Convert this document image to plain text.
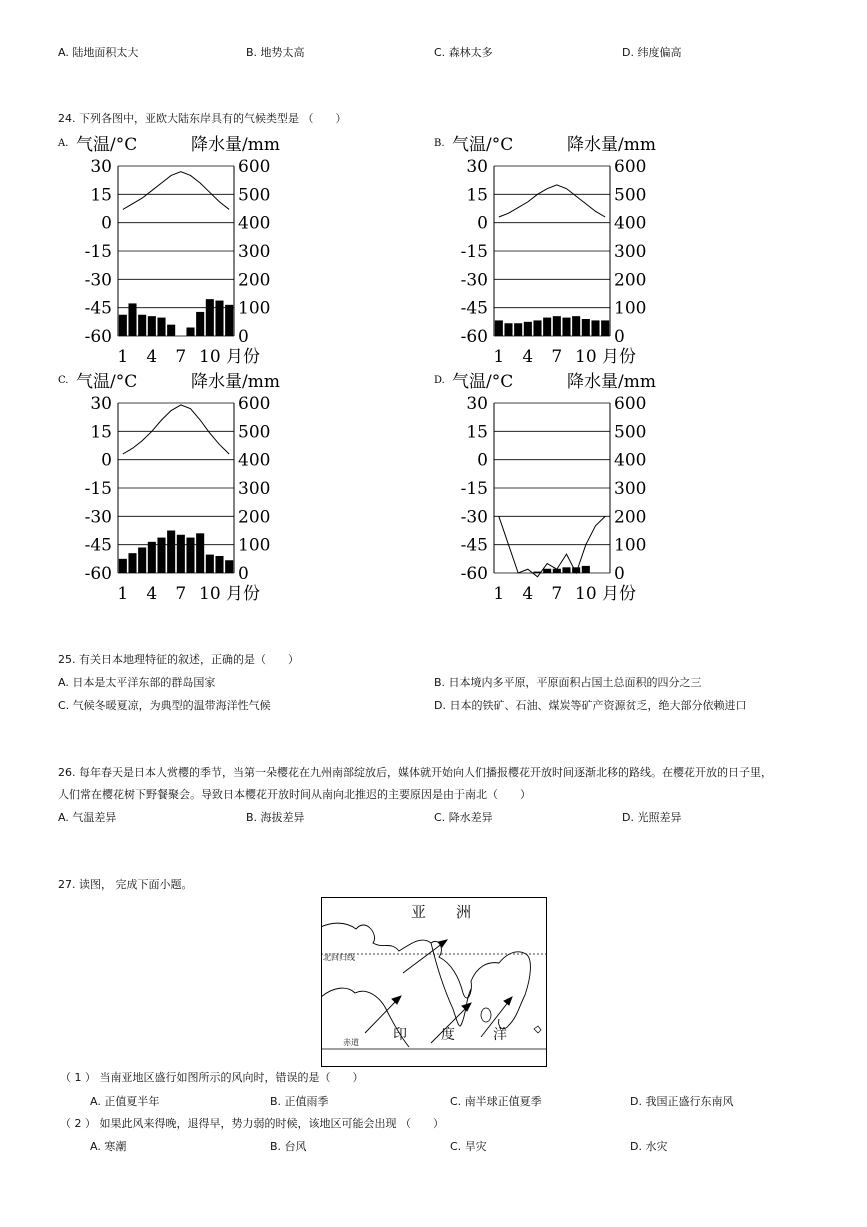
A. 陆地面积太大	B. 地势太高	C. 森林太多	D. 纬度偏高
24. 下列各图中，亚欧大陆东岸具有的气候类型是 （　　）
A. 气温/°C	降水量/mm
30	600
15	500
0	400
-15	300
-30	200
-45	100
-60	0
1 4 7 10 月份
B. 气温/°C	降水量/mm
30	600
15	500
0	400
-15	300
-30	200
-45	100
-60	0
1 4 7 10 月份
C. 气温/°C	降水量/mm
30	600
15	500
0	400
-15	300
-30	200
-45	100
-60	0
1 4 7 10 月份
D. 气温/°C	降水量/mm
30	600
15	500
0	400
-15	300
-30	200
-45	100
-60	0
1 4 7 10 月份
25. 有关日本地理特征的叙述，正确的是（　　）
A. 日本是太平洋东部的群岛国家	B. 日本境内多平原，平原面积占国土总面积的四分之三
C. 气候冬暖夏凉，为典型的温带海洋性气候	D. 日本的铁矿、石油、煤炭等矿产资源贫乏，绝大部分依赖进口
26. 每年春天是日本人赏樱的季节，当第一朵樱花在九州南部绽放后，媒体就开始向人们播报樱花开放时间逐渐北移的路线。在樱花开放的日子里，
人们常在樱花树下野餐聚会。导致日本樱花开放时间从南向北推迟的主要原因是由于南北（　　）
A. 气温差异	B. 海拔差异	C. 降水差异	D. 光照差异
27. 读图， 完成下面小题。
亚　　洲
北回归线
赤道 印 度	洋
（ 1 ） 当南亚地区盛行如图所示的风向时，错误的是（　　）
A. 正值夏半年	B. 正值雨季	C. 南半球正值夏季	D. 我国正盛行东南风
（ 2 ） 如果此风来得晚，退得早，势力弱的时候，该地区可能会出现 （　　）
A. 寒潮	B. 台风	C. 旱灾	D. 水灾
